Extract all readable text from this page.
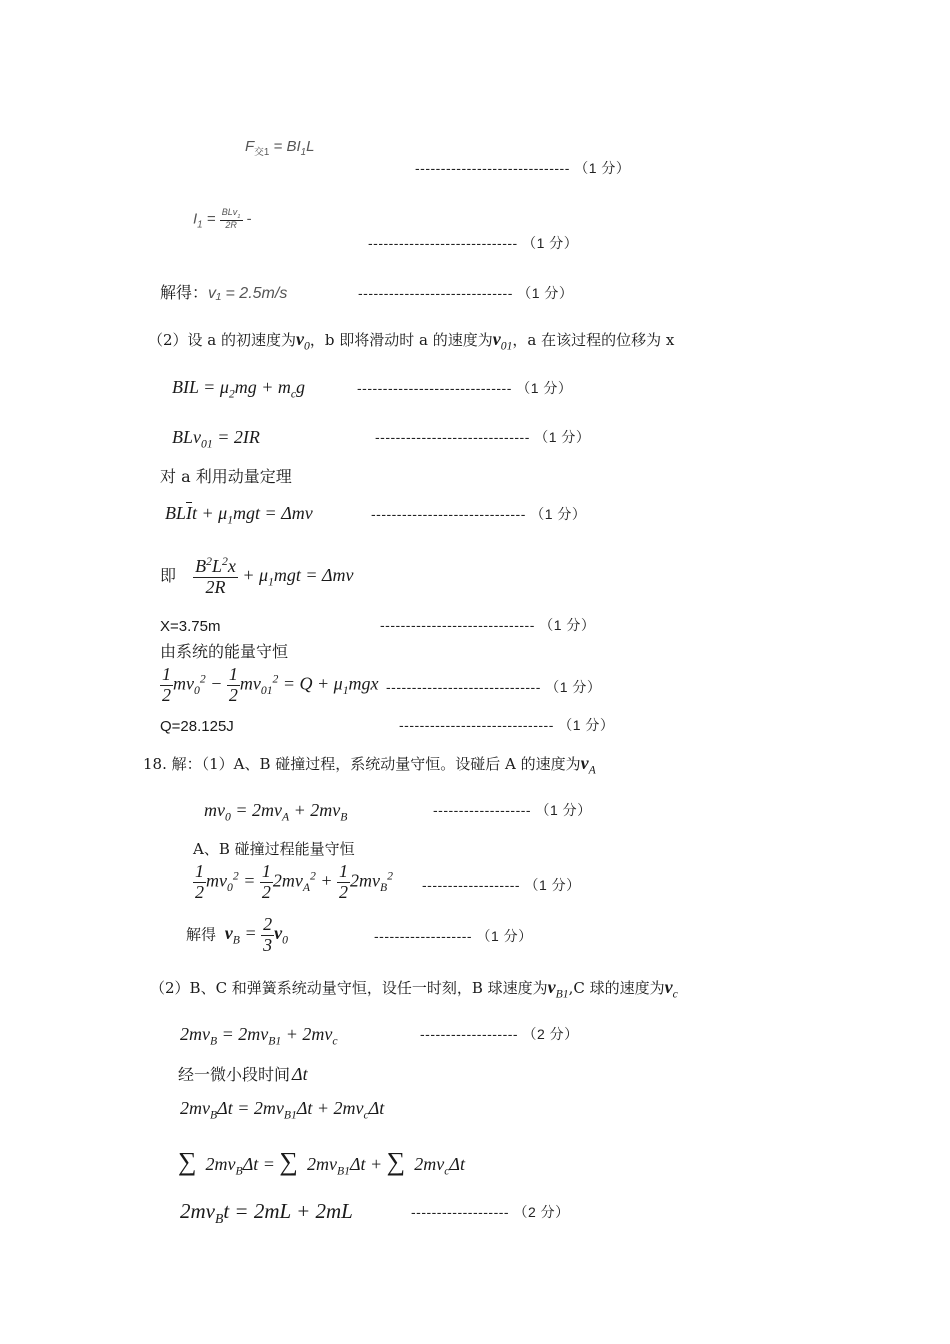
$F_{交1} = BI_1L$
------------------------------ （1 分）
$I_1 = \frac{BLv_1}{2R}$ -
----------------------------- （1 分）
解得：v₁ = 2.5m/s	------------------------------ （1 分）
（2）设 a 的初速度为$v_0$，b 即将滑动时 a 的速度为$v_{01}$，a 在该过程的位移为 x
BIL = $\mu_2mg + m_cg$	------------------------------ （1 分）
BLv$_{01}$ = 2IR	------------------------------ （1 分）
对 a 利用动量定理
$BL\overline{I}t + \mu_1mgt = \Delta mv$	------------------------------ （1 分）
即 $\frac{B^2L^2x}{2R} + \mu_1mgt = \Delta mv$
X=3.75m	------------------------------ （1 分）
由系统的能量守恒
$\frac{1}{2} mv_0^2 - \frac{1}{2} mv_{01}^2 = Q + \mu_1mgx$ ------------------------------ （1 分）
Q=28.125J	------------------------------ （1 分）
18. 解：（1）A、B 碰撞过程，系统动量守恒。设碰后 A 的速度为$v_A$
$mv_0 = 2mv_A + 2mv_B$	------------------- （1 分）
A、B 碰撞过程能量守恒
$\frac{1}{2} mv_0^2 = \frac{1}{2} 2mv_A^2 + \frac{1}{2} 2mv_B^2$
------------------- （1 分）
解得 $v_B = \frac{2}{3} v_0$	------------------- （1 分）
（2）B、C 和弹簧系统动量守恒，设任一时刻，B 球速度为$v_{B1},C$ 球的速度为$v_c$
$2mv_B = 2mv_{B1} + 2mv_c$	------------------- （2 分）
经一微小段时间 Δt
$2mv_B\Delta t = 2mv_{B1}\Delta t + 2mv_c\Delta t$
∑  $2mv_B\Delta t$ = ∑  $2mv_{B1}\Delta t$ + ∑  $2mv_c\Delta t$
$2mv_Bt = 2mL + 2mL$	------------------- （2 分）
